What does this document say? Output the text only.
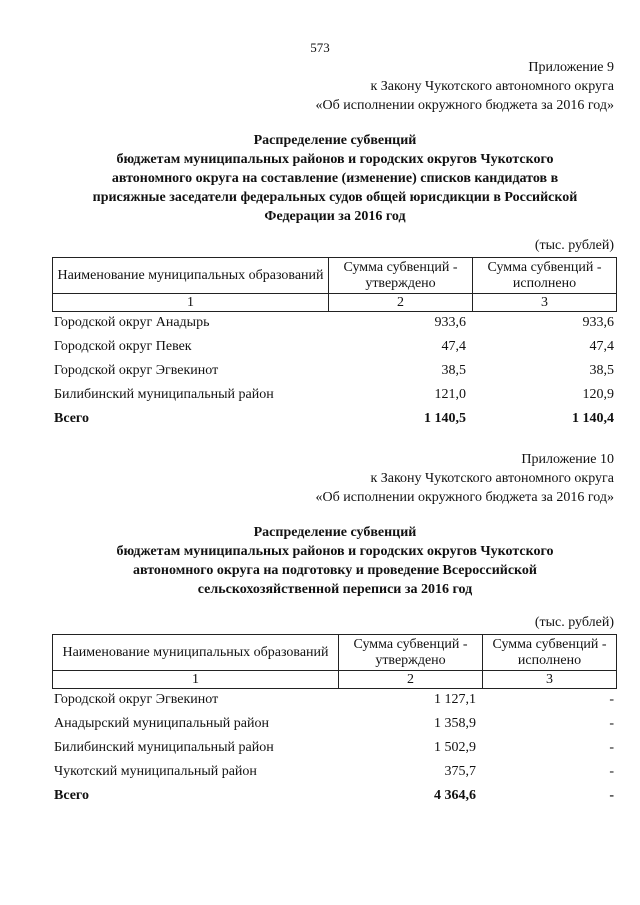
573
Приложение 9
к Закону Чукотского автономного округа
«Об исполнении окружного бюджета за 2016 год»
Распределение субвенций
бюджетам муниципальных районов и городских округов Чукотского
автономного округа на составление (изменение) списков кандидатов в
присяжные заседатели федеральных судов общей юрисдикции в Российской
Федерации за 2016 год
(тыс. рублей)
Наименование муниципальных образований	Сумма субвенций - утверждено	Сумма субвенций - исполнено
1	2	3
Городской округ Анадырь	933,6	933,6
Городской округ Певек	47,4	47,4
Городской округ Эгвекинот	38,5	38,5
Билибинский муниципальный район	121,0	120,9
Всего	1 140,5	1 140,4
Приложение 10
к Закону Чукотского автономного округа
«Об исполнении окружного бюджета за 2016 год»
Распределение субвенций
бюджетам муниципальных районов и городских округов Чукотского
автономного округа на подготовку и проведение Всероссийской
сельскохозяйственной переписи за 2016 год
(тыс. рублей)
Наименование муниципальных образований	Сумма субвенций - утверждено	Сумма субвенций - исполнено
1	2	3
Городской округ Эгвекинот	1 127,1	-
Анадырский муниципальный район	1 358,9	-
Билибинский муниципальный район	1 502,9	-
Чукотский муниципальный район	375,7	-
Всего	4 364,6	-
